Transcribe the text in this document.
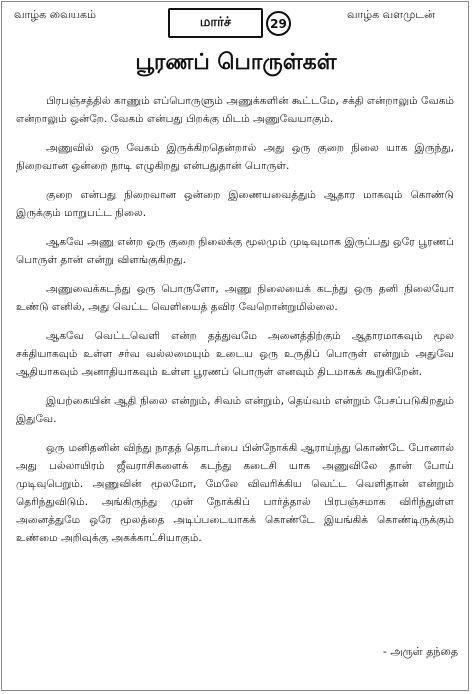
வாழ்க வையகம்
மார்ச்	29
வாழ்க வளமுடன்
பூரணப் பொருள்கள்

பிரபஞ்சத்தில் காணும் எப்பொருளும் அணுக்களின் கூட்டமே, சக்தி என்றாலும் வேகம் என்றாலும் ஒன்றே. வேகம் என்பது பிறக்கு மிடம் அணுவேயாகும்.

அணுவில் ஒரு வேகம் இருக்கிறதென்றால் அது ஒரு குறை நிலை யாக இருந்து, நிறைவான ஒன்றை நாடி எழுகிறது என்பதுதான் பொருள்.

குறை என்பது நிறைவான ஒன்றை இணையவைத்தும் ஆதார மாகவும் கொண்டு இருக்கும் மாறுபட்ட நிலை.

ஆகவே அணு என்ற ஒரு குறை நிலைக்கு மூலமும் முடிவுமாக இருப்பது ஒரே பூரணப் பொருள் தான் என்று விளங்குகிறது.

அணுவைக்கடந்து ஒரு பொருளோ, அணு நிலையைக் கடந்து ஒரு தனி நிலையோ உண்டு எனில், அது வெட்ட வெளியைத் தவிர வேறொன்றுமில்லை.

ஆகவே வெட்டவெளி என்ற தத்துவமே அனைத்திற்கும் ஆதாரமாகவும் மூல சக்தியாகவும் உள்ள சர்வ வல்லமையும் உடைய ஒரு உருதிப் பொருள் என்றும் அதுவே ஆதியாகவும் அனாதியாகவும் உள்ள பூரணப் பொருள் எனவும் திடமாகக் கூறுகிறேன்.

இயற்கையின் ஆதி நிலை என்றும், சிவம் என்றும், தெய்வம் என்றும் பேசப்படுகிறதும் இதுவே.

ஒரு மனிதனின் விந்து நாதத் தொடர்பை பின்நோக்கி ஆராய்ந்து கொண்டே போனால் அது பல்லாயிரம் ஜீவராசிகளைக் கடந்து கடைசி யாக அணுவிலே தான் போய் முடிவுபெறும். அணுவின் மூலமோ, மேலே விவரிக்கிய வெட்ட வெளிதான் என்றும் தெரிந்துவிடும். அங்கிருந்து முன் நோக்கிப் பார்த்தால் பிரபஞ்சமாக விரிந்துள்ள அனைத்துமே ஒரே மூலத்தை அடிப்படையாகக் கொண்டே இயங்கிக் கொண்டிருக்கும் உண்மை அறிவுக்கு அகக்காட்சியாகும்.

- அருள் தந்தை
